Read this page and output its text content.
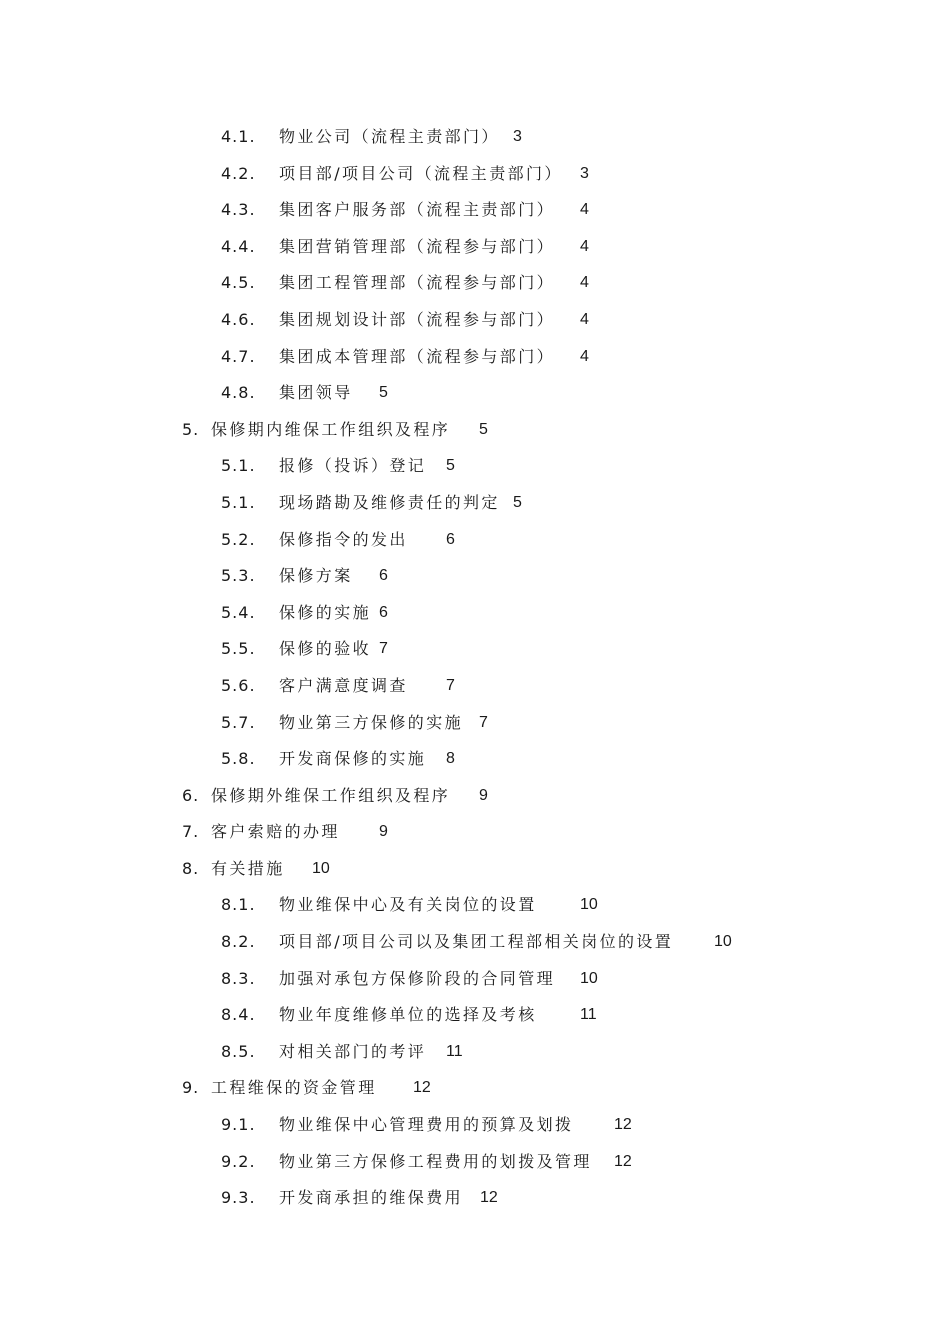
4.1. 物业公司（流程主责部门） 3
4.2. 项目部/项目公司（流程主责部门） 3
4.3. 集团客户服务部（流程主责部门） 4
4.4. 集团营销管理部（流程参与部门） 4
4.5. 集团工程管理部（流程参与部门） 4
4.6. 集团规划设计部（流程参与部门） 4
4.7. 集团成本管理部（流程参与部门） 4
4.8. 集团领导 5
5. 保修期内维保工作组织及程序 5
5.1. 报修（投诉）登记 5
5.1. 现场踏勘及维修责任的判定 5
5.2. 保修指令的发出 6
5.3. 保修方案 6
5.4. 保修的实施 6
5.5. 保修的验收 7
5.6. 客户满意度调查 7
5.7. 物业第三方保修的实施 7
5.8. 开发商保修的实施 8
6. 保修期外维保工作组织及程序 9
7. 客户索赔的办理 9
8. 有关措施 10
8.1. 物业维保中心及有关岗位的设置	10
8.2. 项目部/项目公司以及集团工程部相关岗位的设置	10
8.3. 加强对承包方保修阶段的合同管理 10
8.4. 物业年度维修单位的选择及考核	11
8.5. 对相关部门的考评 11
9. 工程维保的资金管理 12
9.1. 物业维保中心管理费用的预算及划拨	12
9.2. 物业第三方保修工程费用的划拨及管理 12
9.3. 开发商承担的维保费用 12
